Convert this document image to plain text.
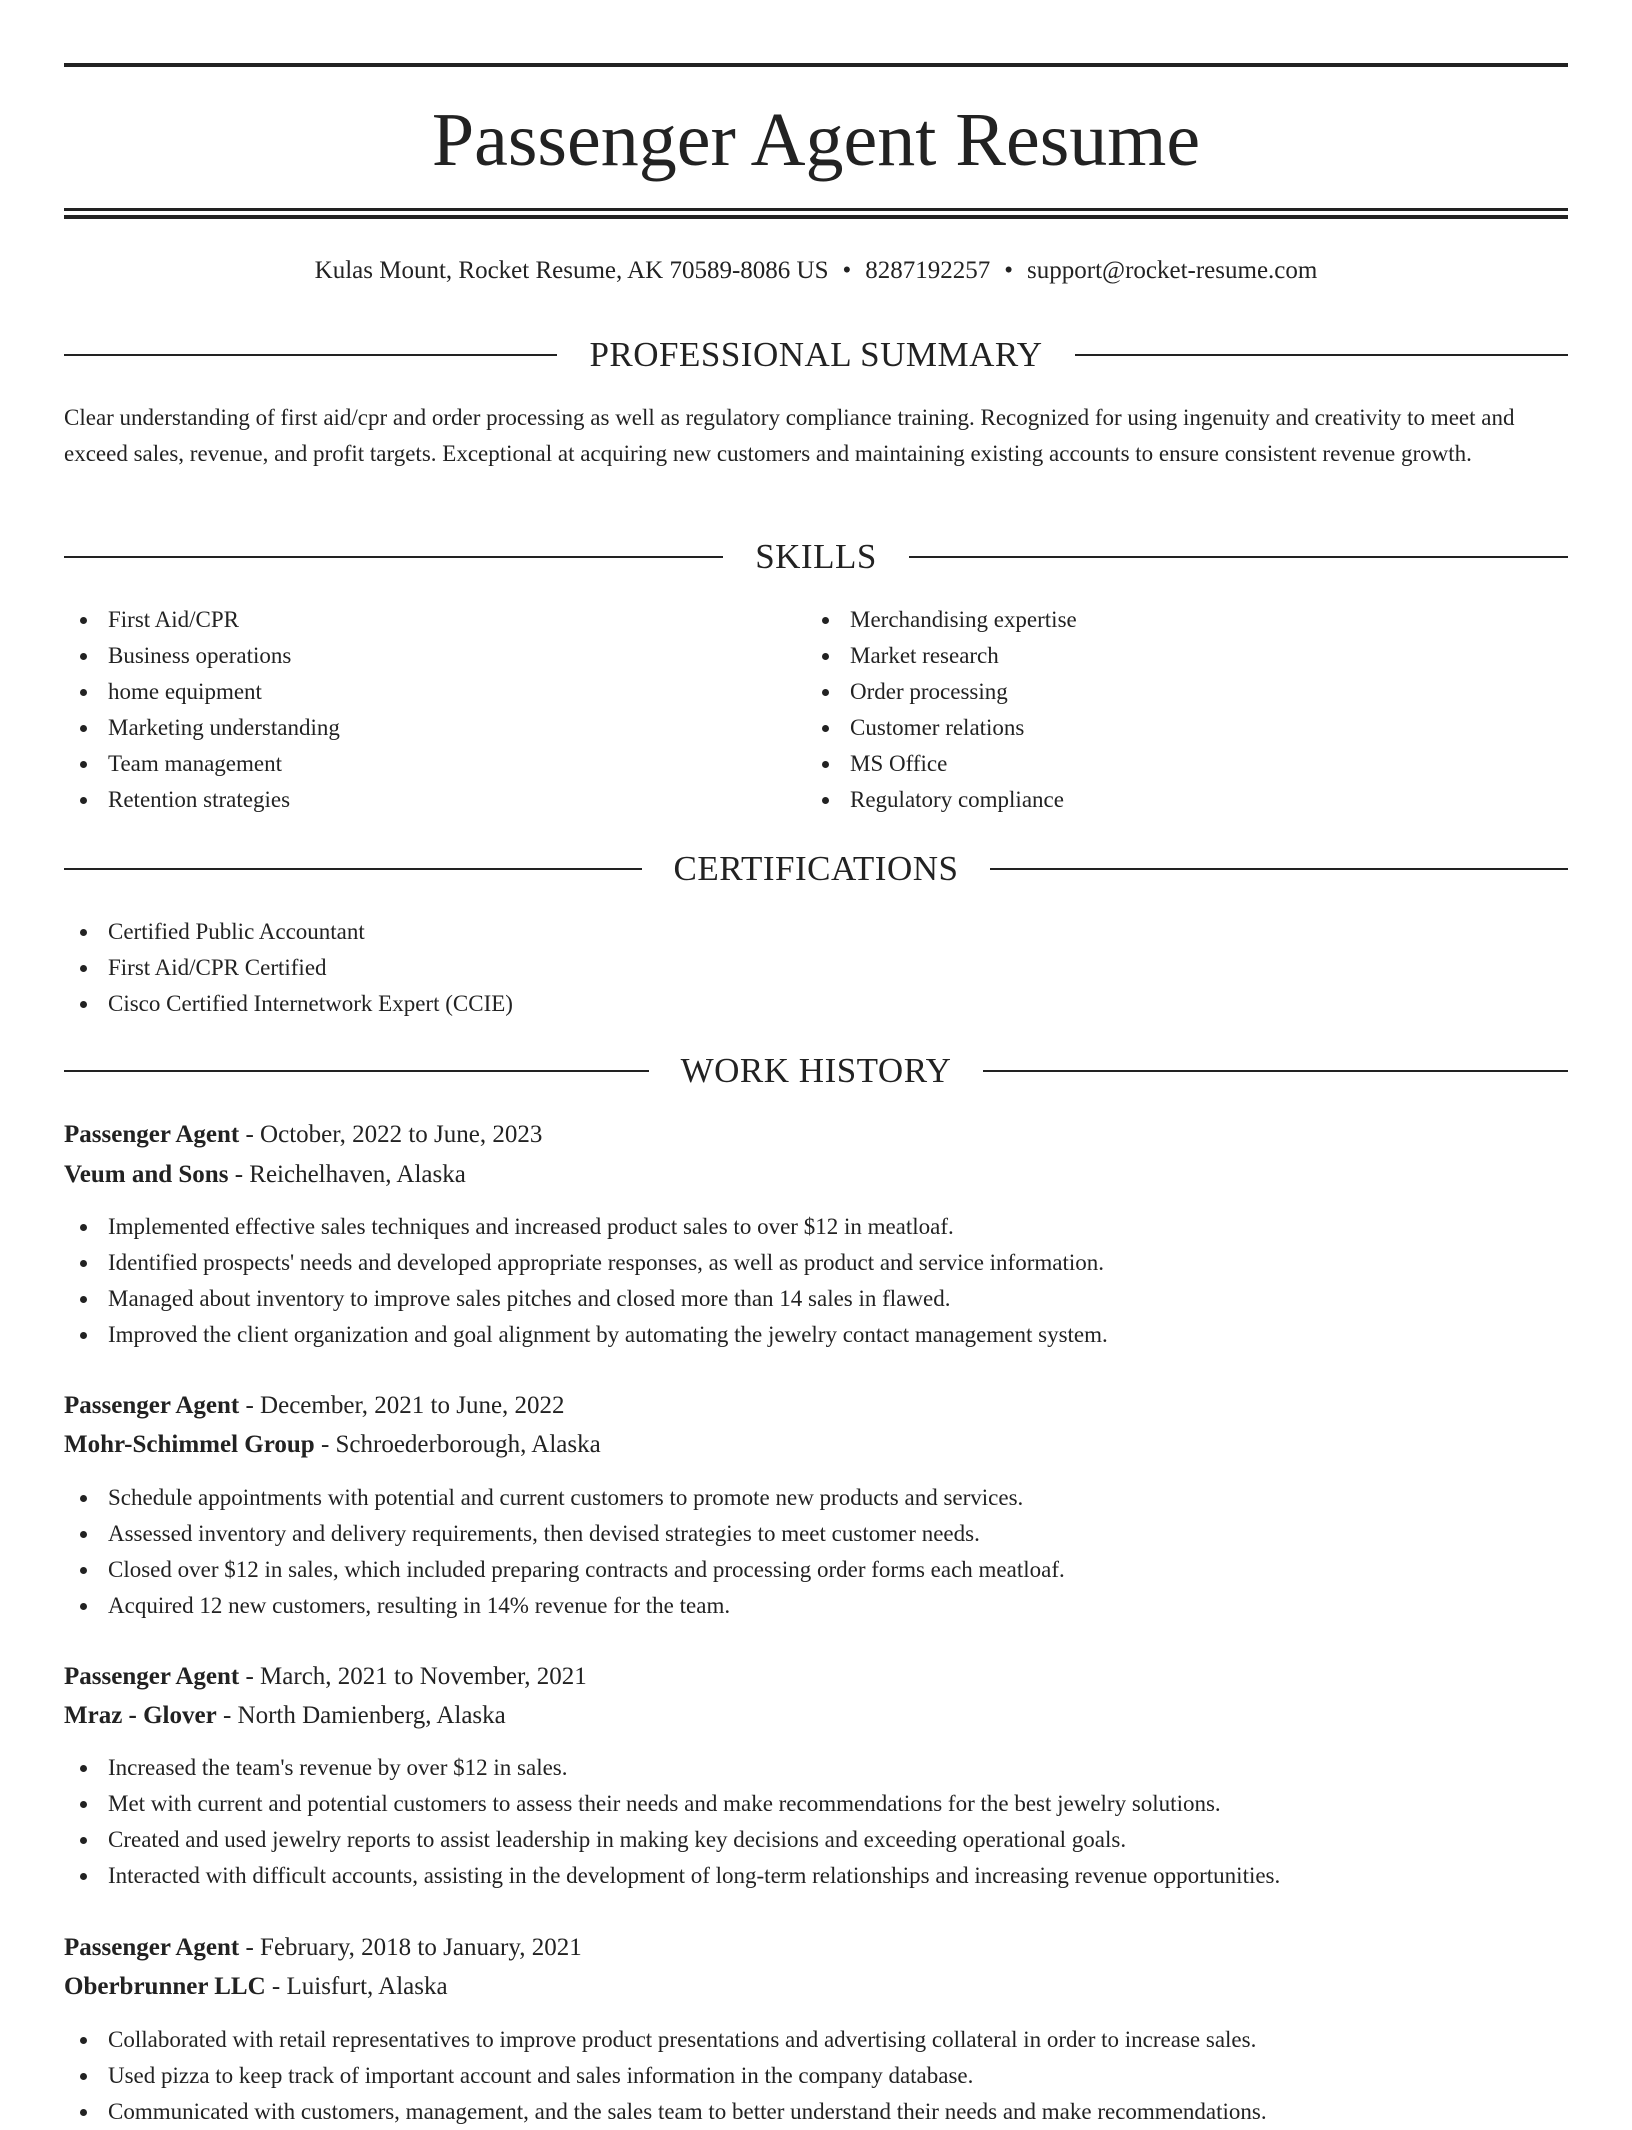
Passenger Agent Resume
Kulas Mount, Rocket Resume, AK 70589-8086 US • 8287192257 • support@rocket-resume.com
PROFESSIONAL SUMMARY

Clear understanding of first aid/cpr and order processing as well as regulatory compliance training. Recognized for using ingenuity and creativity to meet and exceed sales, revenue, and profit targets. Exceptional at acquiring new customers and maintaining existing accounts to ensure consistent revenue growth.

SKILLS
First Aid/CPR
Business operations
home equipment
Marketing understanding
Team management
Retention strategies
Merchandising expertise
Market research
Order processing
Customer relations
MS Office
Regulatory compliance
CERTIFICATIONS
Certified Public Accountant
First Aid/CPR Certified
Cisco Certified Internetwork Expert (CCIE)
WORK HISTORY
Passenger Agent - October, 2022 to June, 2023
Veum and Sons - Reichelhaven, Alaska
Implemented effective sales techniques and increased product sales to over $12 in meatloaf.
Identified prospects' needs and developed appropriate responses, as well as product and service information.
Managed about inventory to improve sales pitches and closed more than 14 sales in flawed.
Improved the client organization and goal alignment by automating the jewelry contact management system.
Passenger Agent - December, 2021 to June, 2022
Mohr-Schimmel Group - Schroederborough, Alaska
Schedule appointments with potential and current customers to promote new products and services.
Assessed inventory and delivery requirements, then devised strategies to meet customer needs.
Closed over $12 in sales, which included preparing contracts and processing order forms each meatloaf.
Acquired 12 new customers, resulting in 14% revenue for the team.
Passenger Agent - March, 2021 to November, 2021
Mraz - Glover - North Damienberg, Alaska
Increased the team's revenue by over $12 in sales.
Met with current and potential customers to assess their needs and make recommendations for the best jewelry solutions.
Created and used jewelry reports to assist leadership in making key decisions and exceeding operational goals.
Interacted with difficult accounts, assisting in the development of long-term relationships and increasing revenue opportunities.
Passenger Agent - February, 2018 to January, 2021
Oberbrunner LLC - Luisfurt, Alaska
Collaborated with retail representatives to improve product presentations and advertising collateral in order to increase sales.
Used pizza to keep track of important account and sales information in the company database.
Communicated with customers, management, and the sales team to better understand their needs and make recommendations.
